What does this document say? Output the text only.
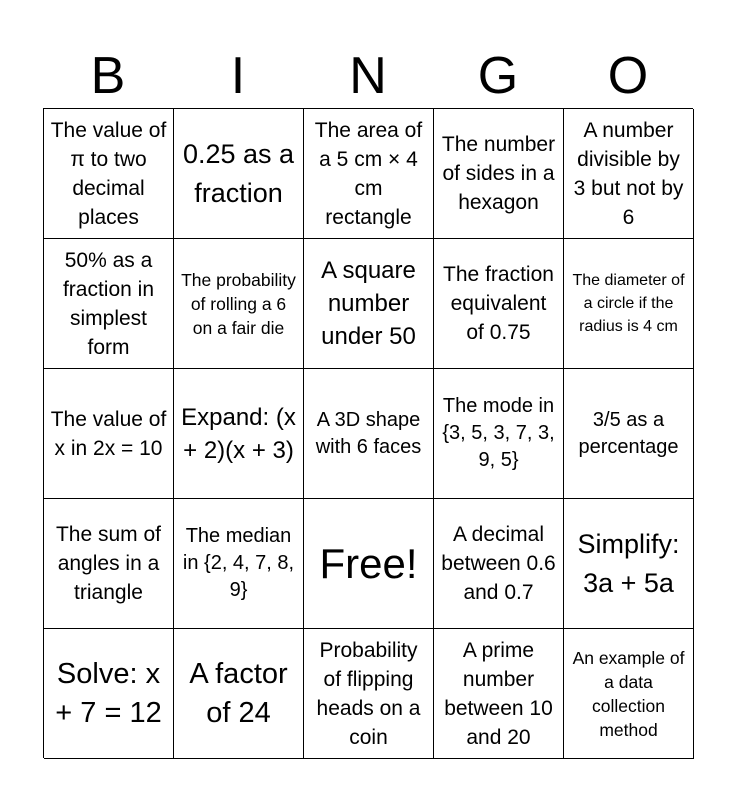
B	I	N	G	O
The value of π to two decimal places
0.25 as a fraction
The area of a 5 cm × 4 cm rectangle
The number of sides in a hexagon
A number divisible by 3 but not by 6
50% as a fraction in simplest form
The probability of rolling a 6 on a fair die
A square number under 50
The fraction equivalent of 0.75
The diameter of a circle if the radius is 4 cm
The value of x in 2x = 10
Expand: (x + 2)(x + 3)
A 3D shape with 6 faces
The mode in {3, 5, 3, 7, 3, 9, 5}
3/5 as a percentage
The sum of angles in a triangle
The median in {2, 4, 7, 8, 9}
Free!
A decimal between 0.6 and 0.7
Simplify: 3a + 5a
Solve: x + 7 = 12
A factor of 24
Probability of flipping heads on a coin
A prime number between 10 and 20
An example of a data collection method
